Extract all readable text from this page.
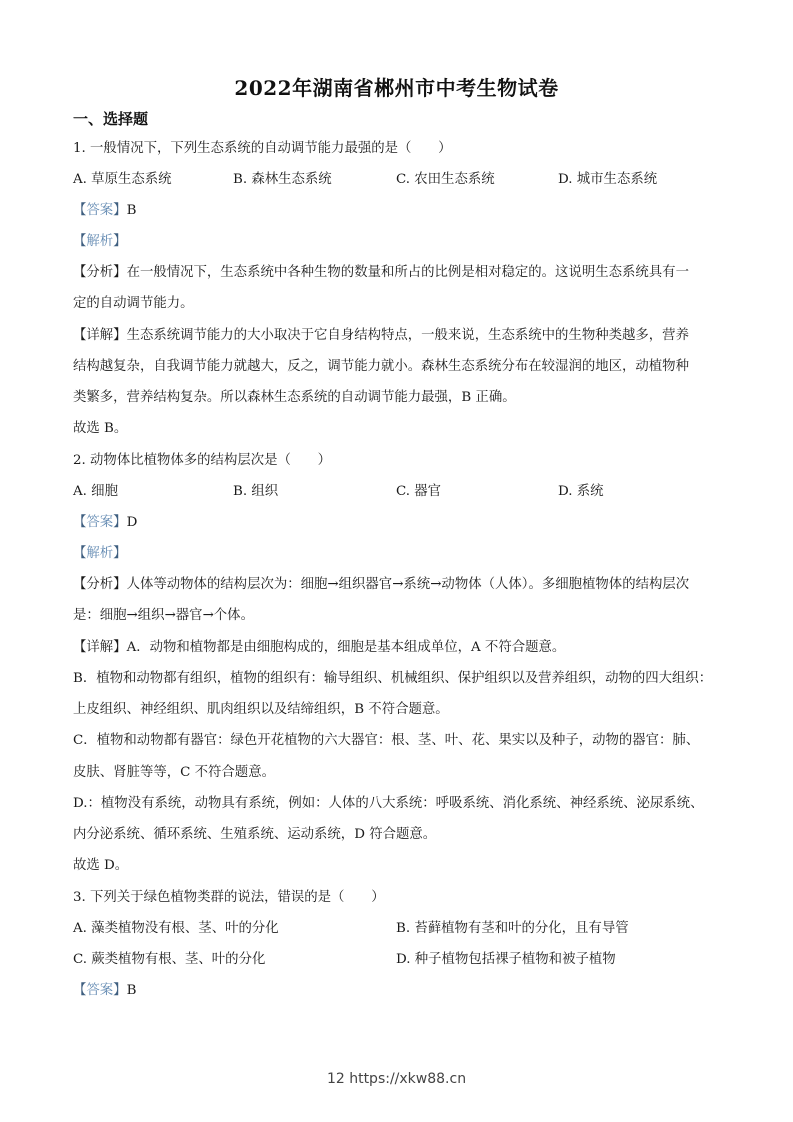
2022年湖南省郴州市中考生物试卷
一、选择题
1. 一般情况下，下列生态系统的自动调节能力最强的是（　　）
A. 草原生态系统	B. 森林生态系统	C. 农田生态系统	D. 城市生态系统
【答案】B
【解析】
【分析】在一般情况下，生态系统中各种生物的数量和所占的比例是相对稳定的。这说明生态系统具有一
定的自动调节能力。
【详解】生态系统调节能力的大小取决于它自身结构特点，一般来说，生态系统中的生物种类越多，营养
结构越复杂，自我调节能力就越大，反之，调节能力就小。森林生态系统分布在较湿润的地区，动植物种
类繁多，营养结构复杂。所以森林生态系统的自动调节能力最强，B 正确。
故选 B。
2. 动物体比植物体多的结构层次是（　　）
A. 细胞	B. 组织	C. 器官	D. 系统
【答案】D
【解析】
【分析】人体等动物体的结构层次为：细胞→组织器官→系统→动物体（人体）。多细胞植物体的结构层次
是：细胞→组织→器官→个体。
【详解】A．动物和植物都是由细胞构成的，细胞是基本组成单位，A 不符合题意。
B．植物和动物都有组织，植物的组织有：输导组织、机械组织、保护组织以及营养组织，动物的四大组织：
上皮组织、神经组织、肌肉组织以及结缔组织，B 不符合题意。
C．植物和动物都有器官：绿色开花植物的六大器官：根、茎、叶、花、果实以及种子，动物的器官：肺、
皮肤、肾脏等等，C 不符合题意。
D.：植物没有系统，动物具有系统，例如：人体的八大系统：呼吸系统、消化系统、神经系统、泌尿系统、
内分泌系统、循环系统、生殖系统、运动系统，D 符合题意。
故选 D。
3. 下列关于绿色植物类群的说法，错误的是（　　）
A. 藻类植物没有根、茎、叶的分化	B. 苔藓植物有茎和叶的分化，且有导管
C. 蕨类植物有根、茎、叶的分化	D. 种子植物包括裸子植物和被子植物
【答案】B
12 https://xkw88.cn
